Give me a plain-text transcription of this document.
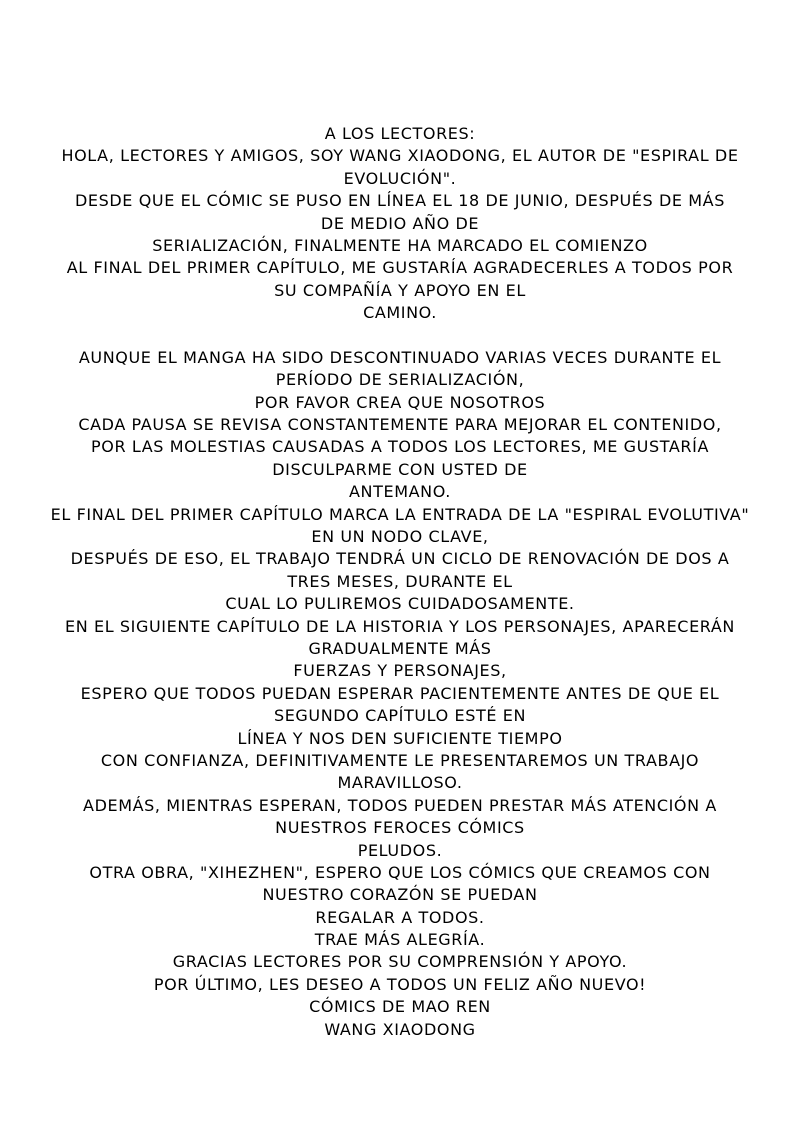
A LOS LECTORES:
HOLA, LECTORES Y AMIGOS, SOY WANG XIAODONG, EL AUTOR DE "ESPIRAL DE
EVOLUCIÓN".
DESDE QUE EL CÓMIC SE PUSO EN LÍNEA EL 18 DE JUNIO, DESPUÉS DE MÁS
DE MEDIO AÑO DE
SERIALIZACIÓN, FINALMENTE HA MARCADO EL COMIENZO
AL FINAL DEL PRIMER CAPÍTULO, ME GUSTARÍA AGRADECERLES A TODOS POR
SU COMPAÑÍA Y APOYO EN EL
CAMINO.
AUNQUE EL MANGA HA SIDO DESCONTINUADO VARIAS VECES DURANTE EL
PERÍODO DE SERIALIZACIÓN,
POR FAVOR CREA QUE NOSOTROS
CADA PAUSA SE REVISA CONSTANTEMENTE PARA MEJORAR EL CONTENIDO,
POR LAS MOLESTIAS CAUSADAS A TODOS LOS LECTORES, ME GUSTARÍA
DISCULPARME CON USTED DE
ANTEMANO.
EL FINAL DEL PRIMER CAPÍTULO MARCA LA ENTRADA DE LA "ESPIRAL EVOLUTIVA"
EN UN NODO CLAVE,
DESPUÉS DE ESO, EL TRABAJO TENDRÁ UN CICLO DE RENOVACIÓN DE DOS A
TRES MESES, DURANTE EL
CUAL LO PULIREMOS CUIDADOSAMENTE.
EN EL SIGUIENTE CAPÍTULO DE LA HISTORIA Y LOS PERSONAJES, APARECERÁN
GRADUALMENTE MÁS
FUERZAS Y PERSONAJES,
ESPERO QUE TODOS PUEDAN ESPERAR PACIENTEMENTE ANTES DE QUE EL
SEGUNDO CAPÍTULO ESTÉ EN
LÍNEA Y NOS DEN SUFICIENTE TIEMPO
CON CONFIANZA, DEFINITIVAMENTE LE PRESENTAREMOS UN TRABAJO
MARAVILLOSO.
ADEMÁS, MIENTRAS ESPERAN, TODOS PUEDEN PRESTAR MÁS ATENCIÓN A
NUESTROS FEROCES CÓMICS
PELUDOS.
OTRA OBRA, "XIHEZHEN", ESPERO QUE LOS CÓMICS QUE CREAMOS CON
NUESTRO CORAZÓN SE PUEDAN
REGALAR A TODOS.
TRAE MÁS ALEGRÍA.
GRACIAS LECTORES POR SU COMPRENSIÓN Y APOYO.
POR ÚLTIMO, LES DESEO A TODOS UN FELIZ AÑO NUEVO!
CÓMICS DE MAO REN
WANG XIAODONG
